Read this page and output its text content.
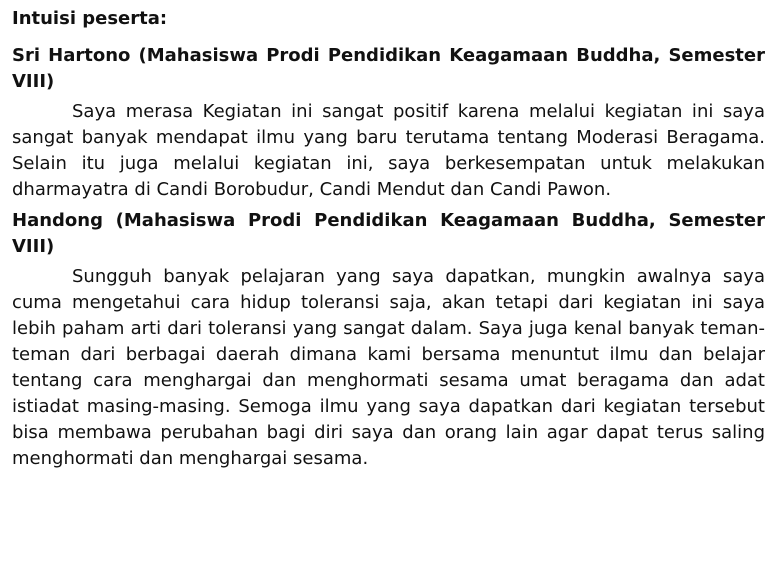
Intuisi peserta:
Sri Hartono (Mahasiswa Prodi Pendidikan Keagamaan Buddha, Semester VIII)
Saya merasa Kegiatan ini sangat positif karena melalui kegiatan ini saya sangat banyak mendapat ilmu yang baru terutama tentang Moderasi Beragama. Selain itu juga melalui kegiatan ini, saya berkesempatan untuk melakukan dharmayatra di Candi Borobudur, Candi Mendut dan Candi Pawon.
Handong (Mahasiswa Prodi Pendidikan Keagamaan Buddha, Semester VIII)
Sungguh banyak pelajaran yang saya dapatkan, mungkin awalnya saya cuma mengetahui cara hidup toleransi saja, akan tetapi dari kegiatan ini saya lebih paham arti dari toleransi yang sangat dalam. Saya juga kenal banyak teman-teman dari berbagai daerah dimana kami bersama menuntut ilmu dan belajar tentang cara menghargai dan menghormati sesama umat beragama dan adat istiadat masing-masing. Semoga ilmu yang saya dapatkan dari kegiatan tersebut bisa membawa perubahan bagi diri saya dan orang lain agar dapat terus saling menghormati dan menghargai sesama.
